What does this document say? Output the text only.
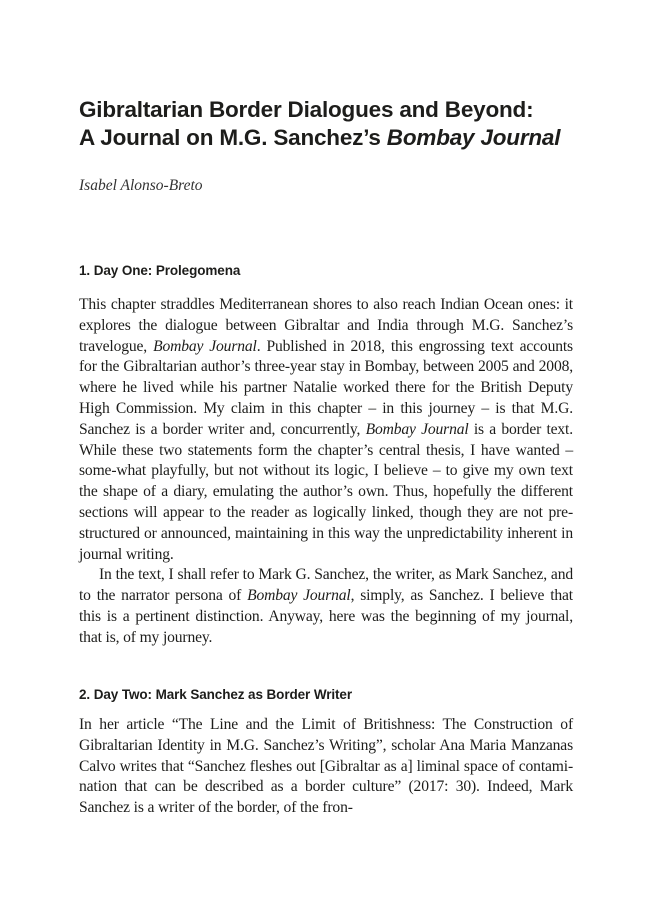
Gibraltarian Border Dialogues and Beyond:
A Journal on M.G. Sanchez’s Bombay Journal
Isabel Alonso-Breto
1. Day One: Prolegomena

This chapter straddles Mediterranean shores to also reach Indian Ocean ones: it explores the dialogue between Gibraltar and India through M.G. Sanchez’s travelogue, Bombay Journal. Published in 2018, this engrossing text accounts for the Gibraltarian author’s three-year stay in Bombay, between 2005 and 2008, where he lived while his partner Natalie worked there for the British Deputy High Commission. My claim in this chapter – in this journey – is that M.G. Sanchez is a border writer and, concurrently, Bombay Journal is a border text. While these two statements form the chapter’s central thesis, I have wanted –some-what playfully, but not without its logic, I believe – to give my own text the shape of a diary, emulating the author’s own. Thus, hopefully the different sections will appear to the reader as logically linked, though they are not pre-structured or announced, maintaining in this way the unpredictability inherent in journal writing.

In the text, I shall refer to Mark G. Sanchez, the writer, as Mark Sanchez, and to the narrator persona of Bombay Journal, simply, as Sanchez. I believe that this is a pertinent distinction. Anyway, here was the beginning of my journal, that is, of my journey.

2. Day Two: Mark Sanchez as Border Writer

In her article “The Line and the Limit of Britishness: The Construction of Gibraltarian Identity in M.G. Sanchez’s Writing”, scholar Ana Maria Manzanas Calvo writes that “Sanchez fleshes out [Gibraltar as a] liminal space of contami-nation that can be described as a border culture” (2017: 30). Indeed, Mark Sanchez is a writer of the border, of the fron-
